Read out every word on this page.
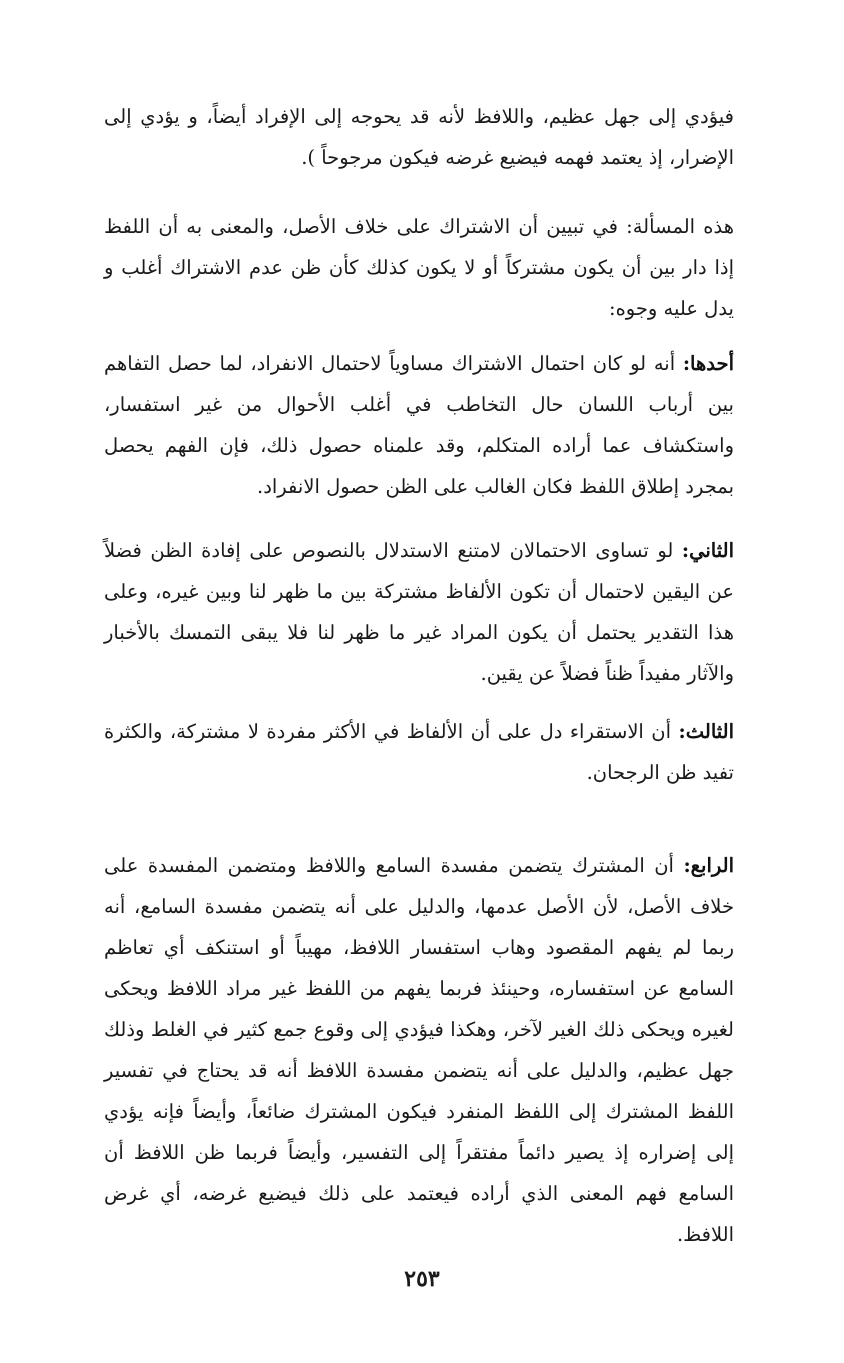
فيؤدي إلى جهل عظيم، واللافظ لأنه قد يحوجه إلى الإفراد أيضاً، و يؤدي إلى الإضرار، إذ يعتمد فهمه فيضيع غرضه فيكون مرجوحاً ).

هذه المسألة: في تبيين أن الاشتراك على خلاف الأصل، والمعنى به أن اللفظ إذا دار بين أن يكون مشتركاً أو لا يكون كذلك كأن ظن عدم الاشتراك أغلب و يدل عليه وجوه:

أحدها: أنه لو كان احتمال الاشتراك مساوياً لاحتمال الانفراد، لما حصل التفاهم بين أرباب اللسان حال التخاطب في أغلب الأحوال من غير استفسار، واستكشاف عما أراده المتكلم، وقد علمناه حصول ذلك، فإن الفهم يحصل بمجرد إطلاق اللفظ فكان الغالب على الظن حصول الانفراد.

الثاني: لو تساوى الاحتمالان لامتنع الاستدلال بالنصوص على إفادة الظن فضلاً عن اليقين لاحتمال أن تكون الألفاظ مشتركة بين ما ظهر لنا وبين غيره، وعلى هذا التقدير يحتمل أن يكون المراد غير ما ظهر لنا فلا يبقى التمسك بالأخبار والآثار مفيداً ظناً فضلاً عن يقين.

الثالث: أن الاستقراء دل على أن الألفاظ في الأكثر مفردة لا مشتركة، والكثرة تفيد ظن الرجحان.

الرابع: أن المشترك يتضمن مفسدة السامع واللافظ ومتضمن المفسدة على خلاف الأصل، لأن الأصل عدمها، والدليل على أنه يتضمن مفسدة السامع، أنه ربما لم يفهم المقصود وهاب استفسار اللافظ، مهيباً أو استنكف أي تعاظم السامع عن استفساره، وحينئذ فربما يفهم من اللفظ غير مراد اللافظ ويحكى لغيره ويحكى ذلك الغير لآخر، وهكذا فيؤدي إلى وقوع جمع كثير في الغلط وذلك جهل عظيم، والدليل على أنه يتضمن مفسدة اللافظ أنه قد يحتاج في تفسير اللفظ المشترك إلى اللفظ المنفرد فيكون المشترك ضائعاً، وأيضاً فإنه يؤدي إلى إضراره إذ يصير دائماً مفتقراً إلى التفسير، وأيضاً فربما ظن اللافظ أن السامع فهم المعنى الذي أراده فيعتمد على ذلك فيضيع غرضه، أي غرض اللافظ.

٢٥٣
